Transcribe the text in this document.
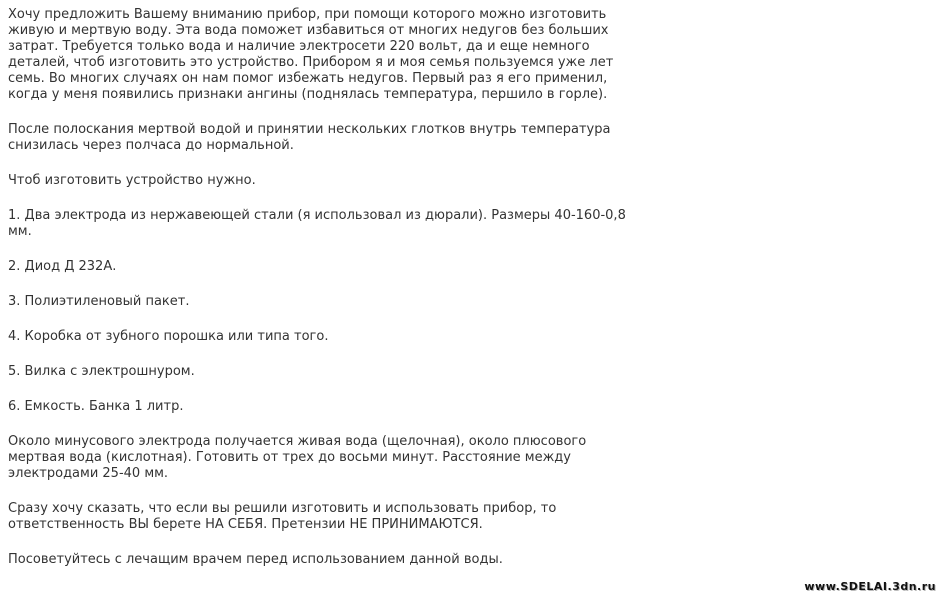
Хочу предложить Вашему вниманию прибор, при помощи которого можно изготовить
живую и мертвую воду. Эта вода поможет избавиться от многих недугов без больших
затрат. Требуется только вода и наличие электросети 220 вольт, да и еще немного
деталей, чтоб изготовить это устройство. Прибором я и моя семья пользуемся уже лет
семь. Во многих случаях он нам помог избежать недугов. Первый раз я его применил,
когда у меня появились признаки ангины (поднялась температура, першило в горле).

После полоскания мертвой водой и принятии нескольких глотков внутрь температура
снизилась через полчаса до нормальной.

Чтоб изготовить устройство нужно.

1. Два электрода из нержавеющей стали (я использовал из дюрали). Размеры 40-160-0,8
мм.

2. Диод Д 232А.

3. Полиэтиленовый пакет.

4. Коробка от зубного порошка или типа того.

5. Вилка с электрошнуром.

6. Емкость. Банка 1 литр.

Около минусового электрода получается живая вода (щелочная), около плюсового
мертвая вода (кислотная). Готовить от трех до восьми минут. Расстояние между
электродами 25-40 мм.

Сразу хочу сказать, что если вы решили изготовить и использовать прибор, то
ответственность ВЫ берете НА СЕБЯ. Претензии НЕ ПРИНИМАЮТСЯ.

Посоветуйтесь с лечащим врачем перед использованием данной воды.

www.SDELAI.3dn.ru
